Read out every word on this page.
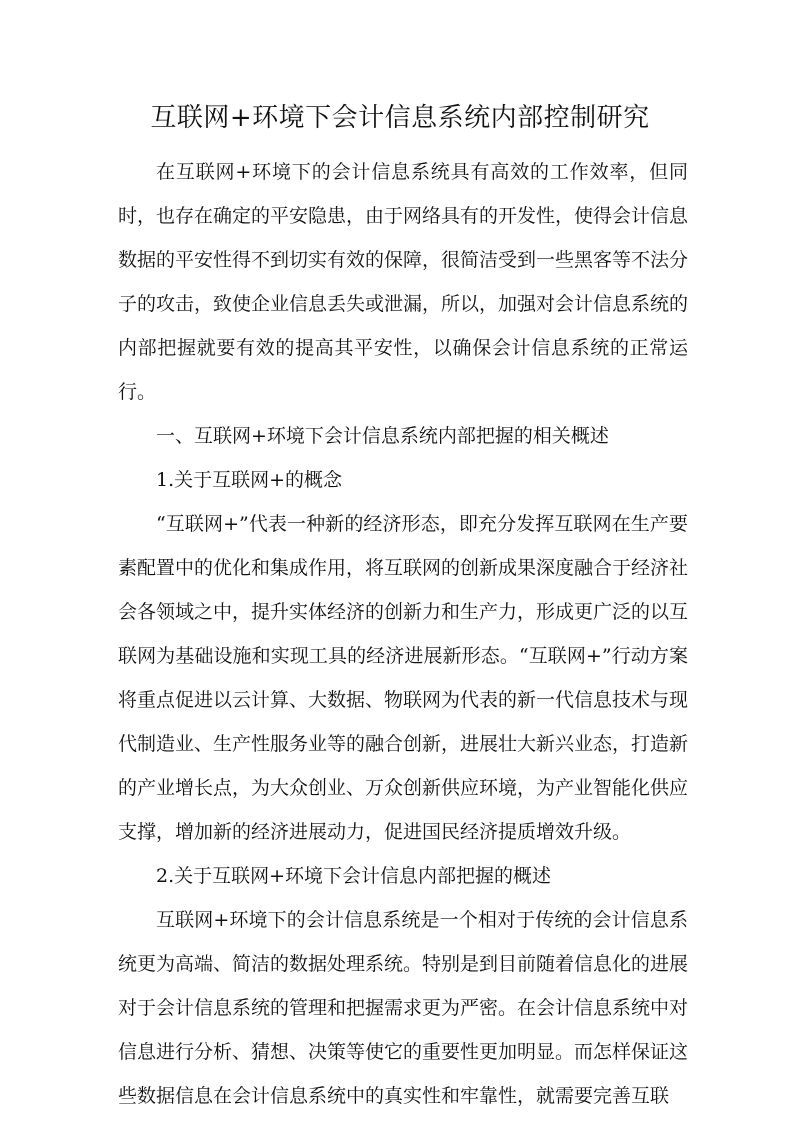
互联网+环境下会计信息系统内部控制研究

在互联网+环境下的会计信息系统具有高效的工作效率，但同时，也存在确定的平安隐患，由于网络具有的开发性，使得会计信息数据的平安性得不到切实有效的保障，很简洁受到一些黑客等不法分子的攻击，致使企业信息丢失或泄漏，所以，加强对会计信息系统的内部把握就要有效的提高其平安性，以确保会计信息系统的正常运行。

一、互联网+环境下会计信息系统内部把握的相关概述

1.关于互联网+的概念

“互联网+”代表一种新的经济形态，即充分发挥互联网在生产要素配置中的优化和集成作用，将互联网的创新成果深度融合于经济社会各领域之中，提升实体经济的创新力和生产力，形成更广泛的以互联网为基础设施和实现工具的经济进展新形态。“互联网+”行动方案将重点促进以云计算、大数据、物联网为代表的新一代信息技术与现代制造业、生产性服务业等的融合创新，进展壮大新兴业态，打造新的产业增长点，为大众创业、万众创新供应环境，为产业智能化供应支撑，增加新的经济进展动力，促进国民经济提质增效升级。

2.关于互联网+环境下会计信息内部把握的概述

互联网+环境下的会计信息系统是一个相对于传统的会计信息系统更为高端、简洁的数据处理系统。特别是到目前随着信息化的进展对于会计信息系统的管理和把握需求更为严密。在会计信息系统中对信息进行分析、猜想、决策等使它的重要性更加明显。而怎样保证这些数据信息在会计信息系统中的真实性和牢靠性，就需要完善互联
